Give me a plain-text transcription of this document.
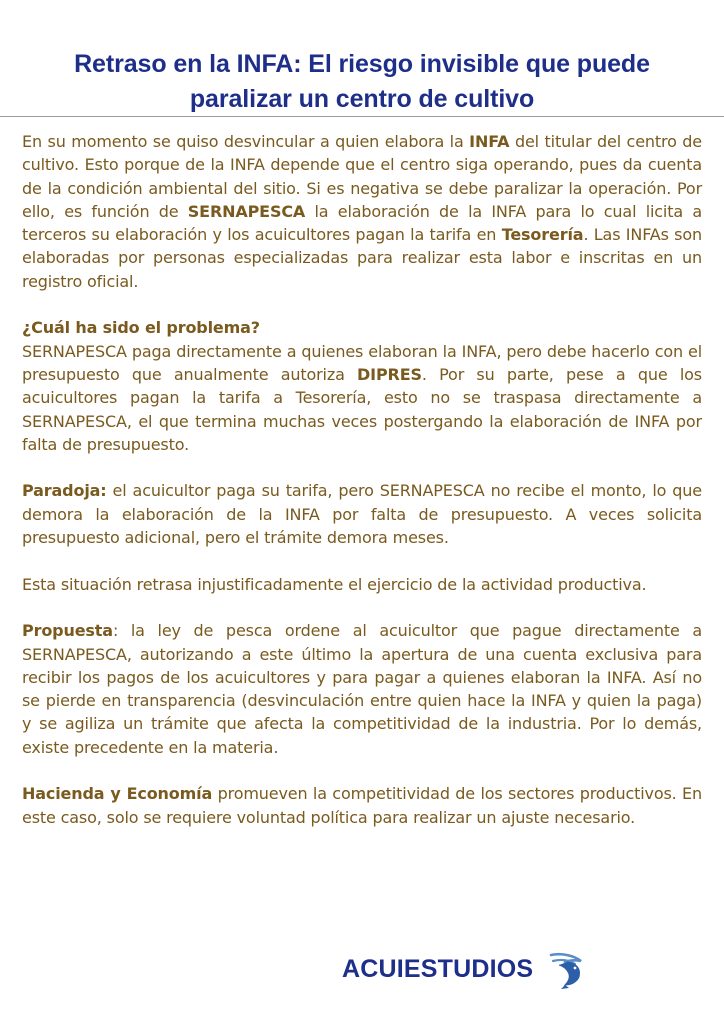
Retraso en la INFA: El riesgo invisible que puede paralizar un centro de cultivo

En su momento se quiso desvincular a quien elabora la INFA del titular del centro de cultivo. Esto porque de la INFA depende que el centro siga operando, pues da cuenta de la condición ambiental del sitio. Si es negativa se debe paralizar la operación. Por ello, es función de SERNAPESCA la elaboración de la INFA para lo cual licita a terceros su elaboración y los acuicultores pagan la tarifa en Tesorería. Las INFAs son elaboradas por personas especializadas para realizar esta labor e inscritas en un registro oficial.

¿Cuál ha sido el problema?
SERNAPESCA paga directamente a quienes elaboran la INFA, pero debe hacerlo con el presupuesto que anualmente autoriza DIPRES. Por su parte, pese a que los acuicultores pagan la tarifa a Tesorería, esto no se traspasa directamente a SERNAPESCA, el que termina muchas veces postergando la elaboración de INFA por falta de presupuesto.

Paradoja: el acuicultor paga su tarifa, pero SERNAPESCA no recibe el monto, lo que demora la elaboración de la INFA por falta de presupuesto. A veces solicita presupuesto adicional, pero el trámite demora meses.

Esta situación retrasa injustificadamente el ejercicio de la actividad productiva.

Propuesta: la ley de pesca ordene al acuicultor que pague directamente a SERNAPESCA, autorizando a este último la apertura de una cuenta exclusiva para recibir los pagos de los acuicultores y para pagar a quienes elaboran la INFA. Así no se pierde en transparencia (desvinculación entre quien hace la INFA y quien la paga) y se agiliza un trámite que afecta la competitividad de la industria. Por lo demás, existe precedente en la materia.

Hacienda y Economía promueven la competitividad de los sectores productivos. En este caso, solo se requiere voluntad política para realizar un ajuste necesario.

ACUIESTUDIOS
